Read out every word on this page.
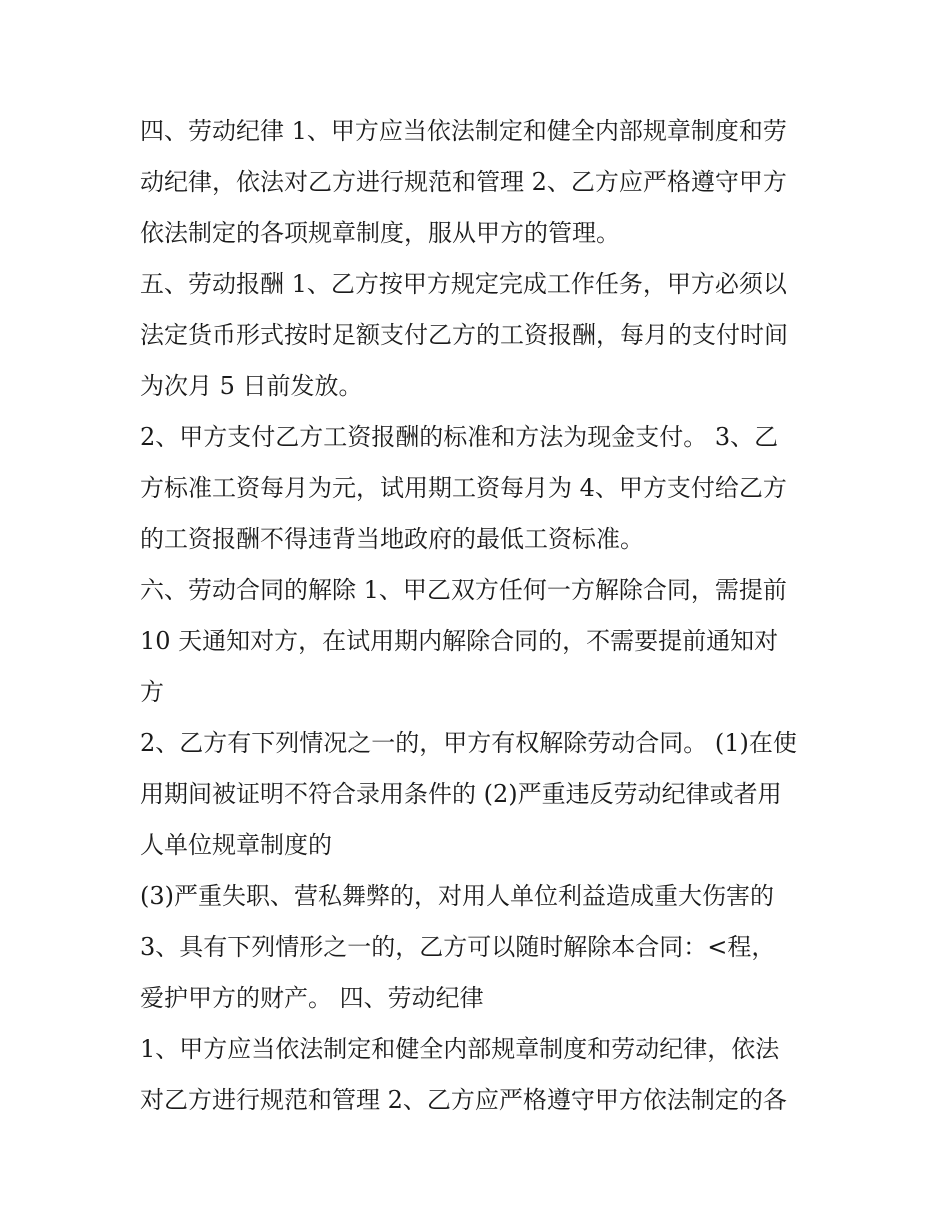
四、劳动纪律 1、甲方应当依法制定和健全内部规章制度和劳
动纪律，依法对乙方进行规范和管理 2、乙方应严格遵守甲方
依法制定的各项规章制度，服从甲方的管理。

五、劳动报酬 1、乙方按甲方规定完成工作任务，甲方必须以
法定货币形式按时足额支付乙方的工资报酬，每月的支付时间
为次月 5 日前发放。

2、甲方支付乙方工资报酬的标准和方法为现金支付。 3、乙
方标准工资每月为元，试用期工资每月为 4、甲方支付给乙方
的工资报酬不得违背当地政府的最低工资标准。

六、劳动合同的解除 1、甲乙双方任何一方解除合同，需提前
10 天通知对方，在试用期内解除合同的，不需要提前通知对
方

2、乙方有下列情况之一的，甲方有权解除劳动合同。 (1)在使
用期间被证明不符合录用条件的 (2)严重违反劳动纪律或者用
人单位规章制度的

(3)严重失职、营私舞弊的，对用人单位利益造成重大伤害的

3、具有下列情形之一的，乙方可以随时解除本合同：<程，
爱护甲方的财产。 四、劳动纪律

1、甲方应当依法制定和健全内部规章制度和劳动纪律，依法
对乙方进行规范和管理 2、乙方应严格遵守甲方依法制定的各
